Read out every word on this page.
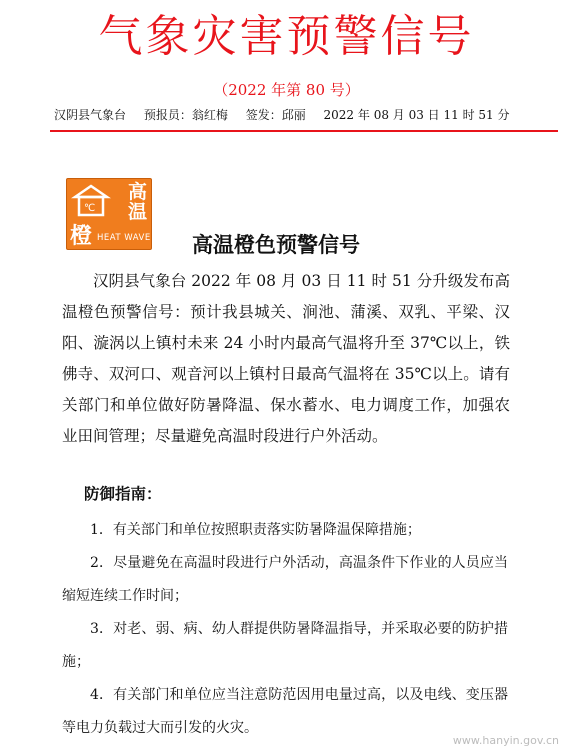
气象灾害预警信号
（2022 年第 80 号）
汉阴县气象台 预报员：翁红梅 签发：邱丽 2022 年 08 月 03 日 11 时 51 分
℃
高
温
橙 HEAT WAVE 高温橙色预警信号
汉阴县气象台 2022 年 08 月 03 日 11 时 51 分升级发布高温橙色预警信号：预计我县城关、涧池、蒲溪、双乳、平梁、汉阳、漩涡以上镇村未来 24 小时内最高气温将升至 37℃以上，铁佛寺、双河口、观音河以上镇村日最高气温将在 35℃以上。请有关部门和单位做好防暑降温、保水蓄水、电力调度工作，加强农业田间管理；尽量避免高温时段进行户外活动。
防御指南：
1．有关部门和单位按照职责落实防暑降温保障措施；
2．尽量避免在高温时段进行户外活动，高温条件下作业的人员应当缩短连续工作时间；
3．对老、弱、病、幼人群提供防暑降温指导，并采取必要的防护措施；
4．有关部门和单位应当注意防范因用电量过高，以及电线、变压器等电力负载过大而引发的火灾。
www.hanyin.gov.cn
